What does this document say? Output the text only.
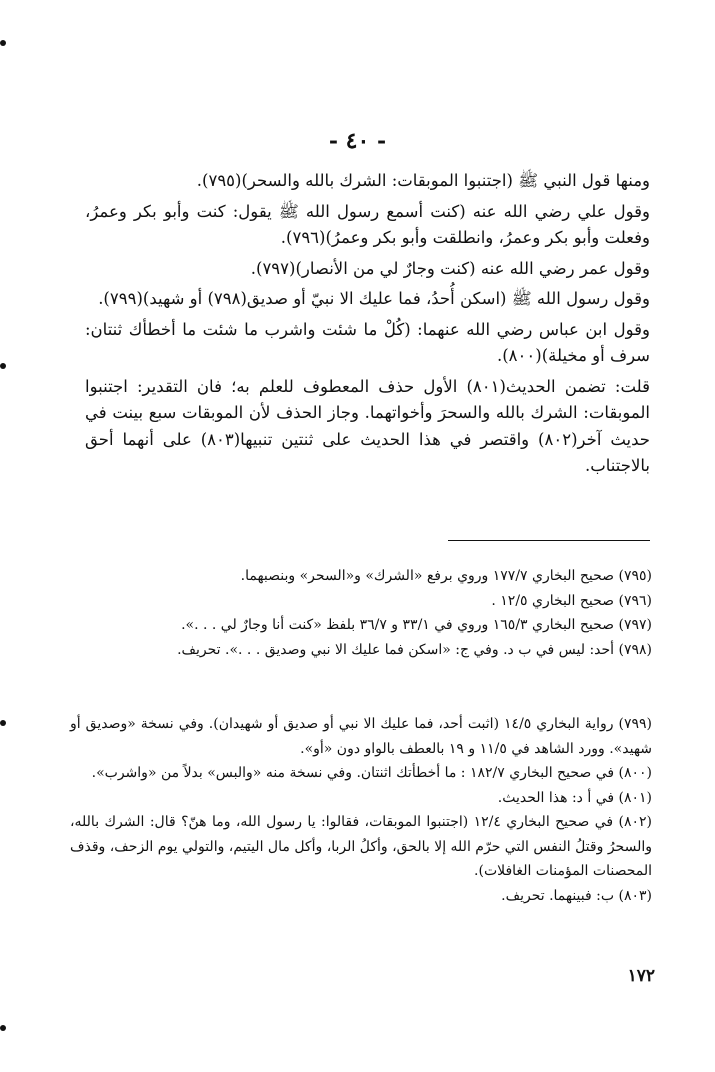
- ٤٠ -

ومنها قول النبي ﷺ (اجتنبوا الموبقات: الشرك بالله والسحر)(٧٩٥).

وقول علي رضي الله عنه (كنت أسمع رسول الله ﷺ يقول: كنت وأبو بكر وعمرُ، وفعلت وأبو بكر وعمرُ، وانطلقت وأبو بكر وعمرُ)(٧٩٦).

وقول عمر رضي الله عنه (كنت وجارٌ لي من الأنصار)(٧٩٧).

وقول رسول الله ﷺ (اسكن أُحدُ، فما عليك الا نبيّ أو صديق(٧٩٨) أو شهيد)(٧٩٩).

وقول ابن عباس رضي الله عنهما: (كُلْ ما شئت واشرب ما شئت ما أخطأك ثنتان: سرف أو مخيلة)(٨٠٠).

قلت: تضمن الحديث(٨٠١) الأول حذف المعطوف للعلم به؛ فان التقدير: اجتنبوا الموبقات: الشرك بالله والسحرَ وأخواتهما. وجاز الحذف لأن الموبقات سبع بينت في حديث آخر(٨٠٢) واقتصر في هذا الحديث على ثنتين تنبيها(٨٠٣) على أنهما أحق بالاجتناب.

(٧٩٥) صحيح البخاري ١٧٧/٧ وروي برفع «الشرك» و«السحر» وبنصبهما.

(٧٩٦) صحيح البخاري ١٢/٥ .

(٧٩٧) صحيح البخاري ١٦٥/٣ وروي في ٣٣/١ و ٣٦/٧ بلفظ «كنت أنا وجارٌ لي . . .».

(٧٩٨) أحد: ليس في ب د. وفي ج: «اسكن فما عليك الا نبي وصديق . . .». تحريف.

(٧٩٩) رواية البخاري ١٤/٥ (اثبت أحد، فما عليك الا نبي أو صديق أو شهيدان). وفي نسخة «وصديق أو شهيد». وورد الشاهد في ١١/٥ و ١٩ بالعطف بالواو دون «أو».

(٨٠٠) في صحيح البخاري ١٨٢/٧ : ما أخطأتك اثنتان. وفي نسخة منه «والبس» بدلاً من «واشرب».

(٨٠١) في أ د: هذا الحديث.

(٨٠٢) في صحيح البخاري ١٢/٤ (اجتنبوا الموبقات، فقالوا: يا رسول الله، وما هنّ؟ قال: الشرك بالله، والسحرُ وقتلُ النفس التي حرّم الله إلا بالحق، وأكلُ الربا، وأكل مال اليتيم، والتولي يوم الزحف، وقذف المحصنات المؤمنات الغافلات).

(٨٠٣) ب: فبينهما. تحريف.

١٧٢
